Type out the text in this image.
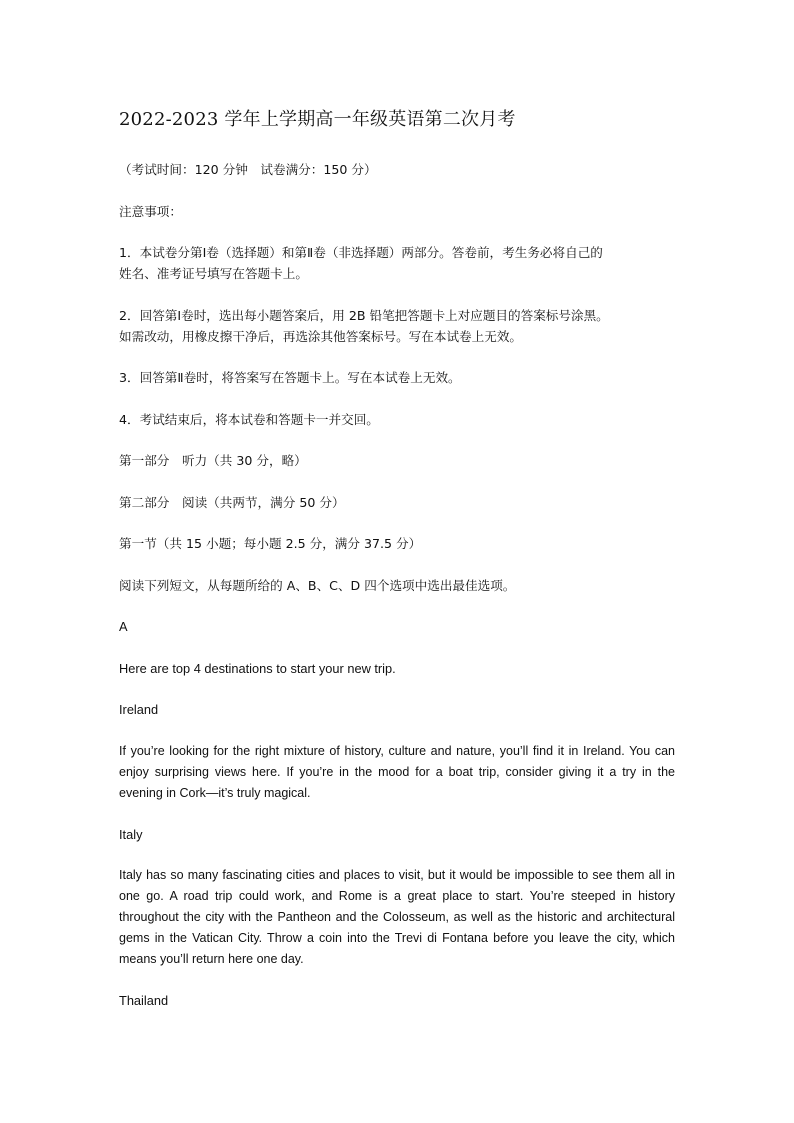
2022-2023 学年上学期高一年级英语第二次月考
（考试时间：120 分钟　试卷满分：150 分）
注意事项：
1．本试卷分第Ⅰ卷（选择题）和第Ⅱ卷（非选择题）两部分。答卷前，考生务必将自己的
姓名、准考证号填写在答题卡上。
2．回答第Ⅰ卷时，选出每小题答案后，用 2B 铅笔把答题卡上对应题目的答案标号涂黑。
如需改动，用橡皮擦干净后，再选涂其他答案标号。写在本试卷上无效。
3．回答第Ⅱ卷时，将答案写在答题卡上。写在本试卷上无效。
4．考试结束后，将本试卷和答题卡一并交回。
第一部分　听力（共 30 分，略）
第二部分　阅读（共两节，满分 50 分）
第一节（共 15 小题；每小题 2.5 分，满分 37.5 分）
阅读下列短文，从每题所给的 A、B、C、D 四个选项中选出最佳选项。
A
Here are top 4 destinations to start your new trip.
Ireland
If you’re looking for the right mixture of history, culture and nature, you’ll find it in Ireland. You can enjoy surprising views here. If you’re in the mood for a boat trip, consider giving it a try in the evening in Cork—it’s truly magical.
Italy
Italy has so many fascinating cities and places to visit, but it would be impossible to see them all in one go. A road trip could work, and Rome is a great place to start. You’re steeped in history throughout the city with the Pantheon and the Colosseum, as well as the historic and architectural gems in the Vatican City. Throw a coin into the Trevi di Fontana before you leave the city, which means you’ll return here one day.
Thailand
